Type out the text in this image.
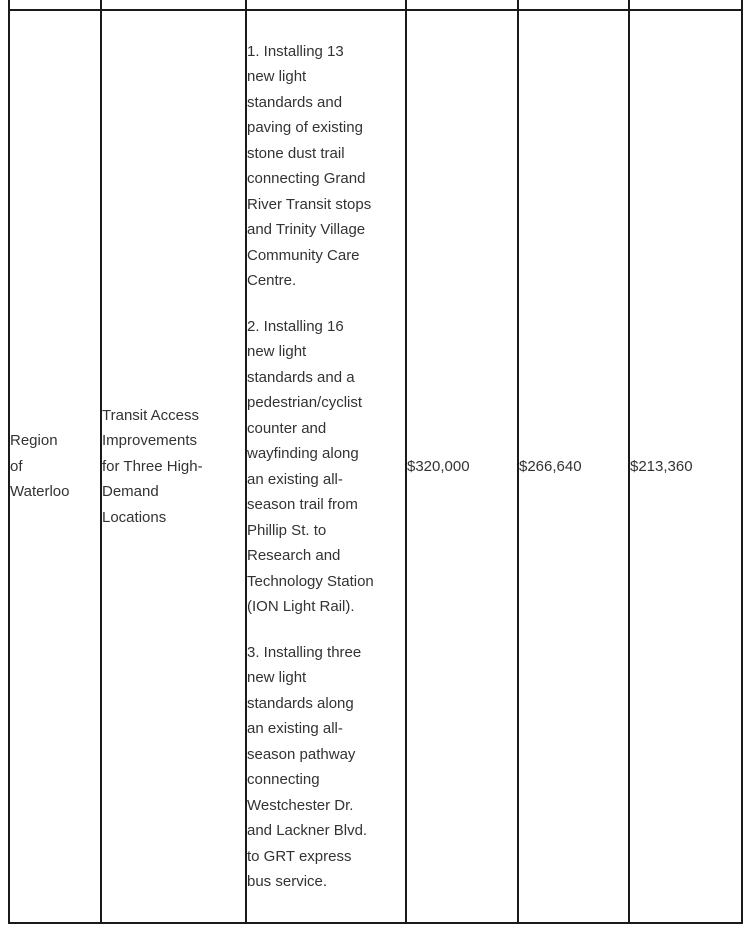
Region of Waterloo	Transit Access Improvements for Three High-Demand Locations	1. Installing 13 new light standards and paving of existing stone dust trail connecting Grand River Transit stops and Trinity Village Community Care Centre.

2. Installing 16 new light standards and a pedestrian/cyclist counter and wayfinding along an existing all-season trail from Phillip St. to Research and Technology Station (ION Light Rail).

3. Installing three new light standards along an existing all-season pathway connecting Westchester Dr. and Lackner Blvd. to GRT express bus service.	$320,000	$266,640	$213,360
